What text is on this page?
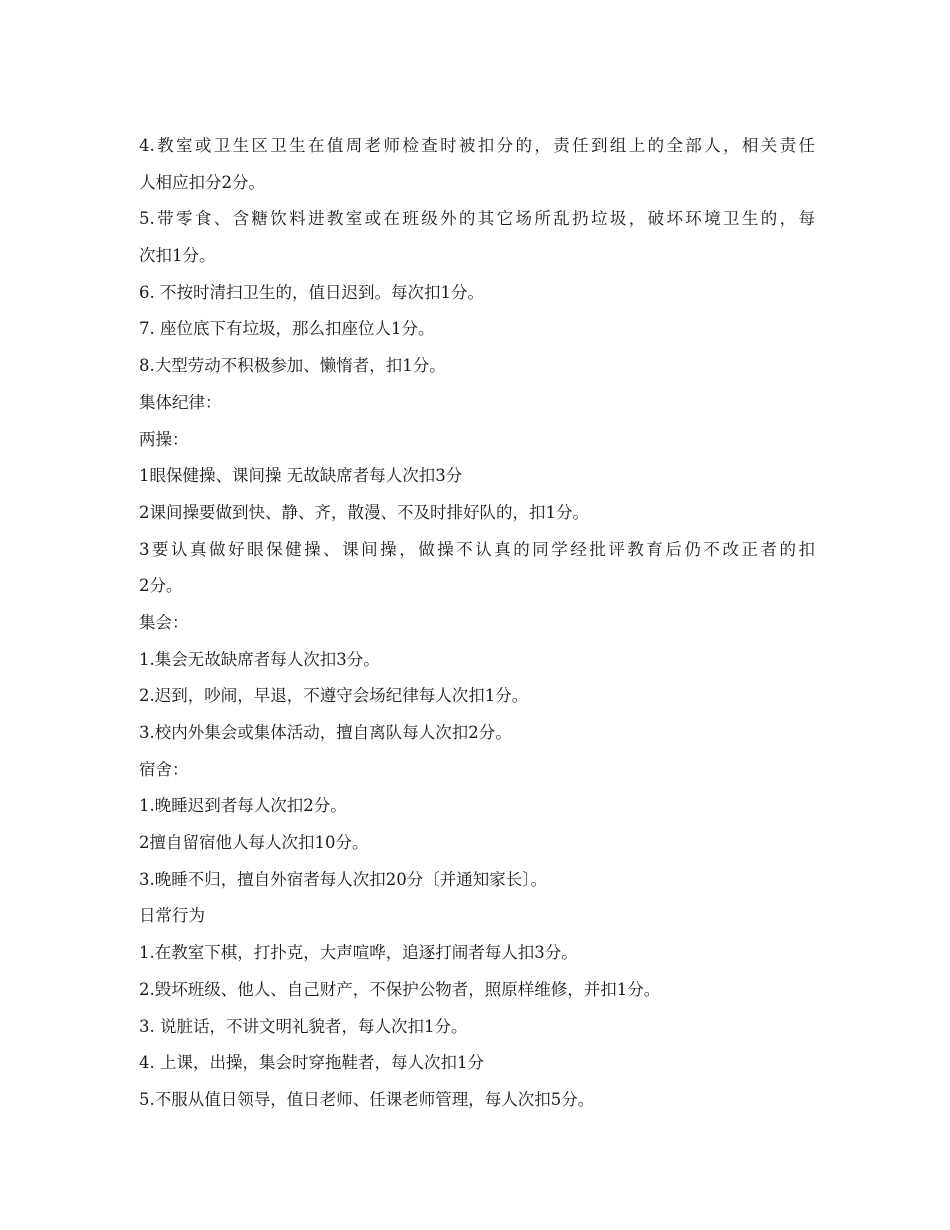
4.教室或卫生区卫生在值周老师检查时被扣分的，责任到组上的全部人，相关责任
人相应扣分2分。
5.带零食、含糖饮料进教室或在班级外的其它场所乱扔垃圾，破坏环境卫生的，每
次扣1分。
6. 不按时清扫卫生的，值日迟到。每次扣1分。
7. 座位底下有垃圾，那么扣座位人1分。
8.大型劳动不积极参加、懒惰者，扣1分。
集体纪律：
两操：
1眼保健操、课间操 无故缺席者每人次扣3分
2课间操要做到快、静、齐，散漫、不及时排好队的，扣1分。
3要认真做好眼保健操、课间操，做操不认真的同学经批评教育后仍不改正者的扣
2分。
集会：
1.集会无故缺席者每人次扣3分。
2.迟到，吵闹，早退，不遵守会场纪律每人次扣1分。
3.校内外集会或集体活动，擅自离队每人次扣2分。
宿舍：
1.晚睡迟到者每人次扣2分。
2擅自留宿他人每人次扣10分。
3.晚睡不归，擅自外宿者每人次扣20分〔并通知家长〕。
日常行为
1.在教室下棋，打扑克，大声喧哗，追逐打闹者每人扣3分。
2.毁坏班级、他人、自己财产，不保护公物者，照原样维修，并扣1分。
3. 说脏话，不讲文明礼貌者，每人次扣1分。
4. 上课，出操，集会时穿拖鞋者，每人次扣1分
5.不服从值日领导，值日老师、任课老师管理，每人次扣5分。
